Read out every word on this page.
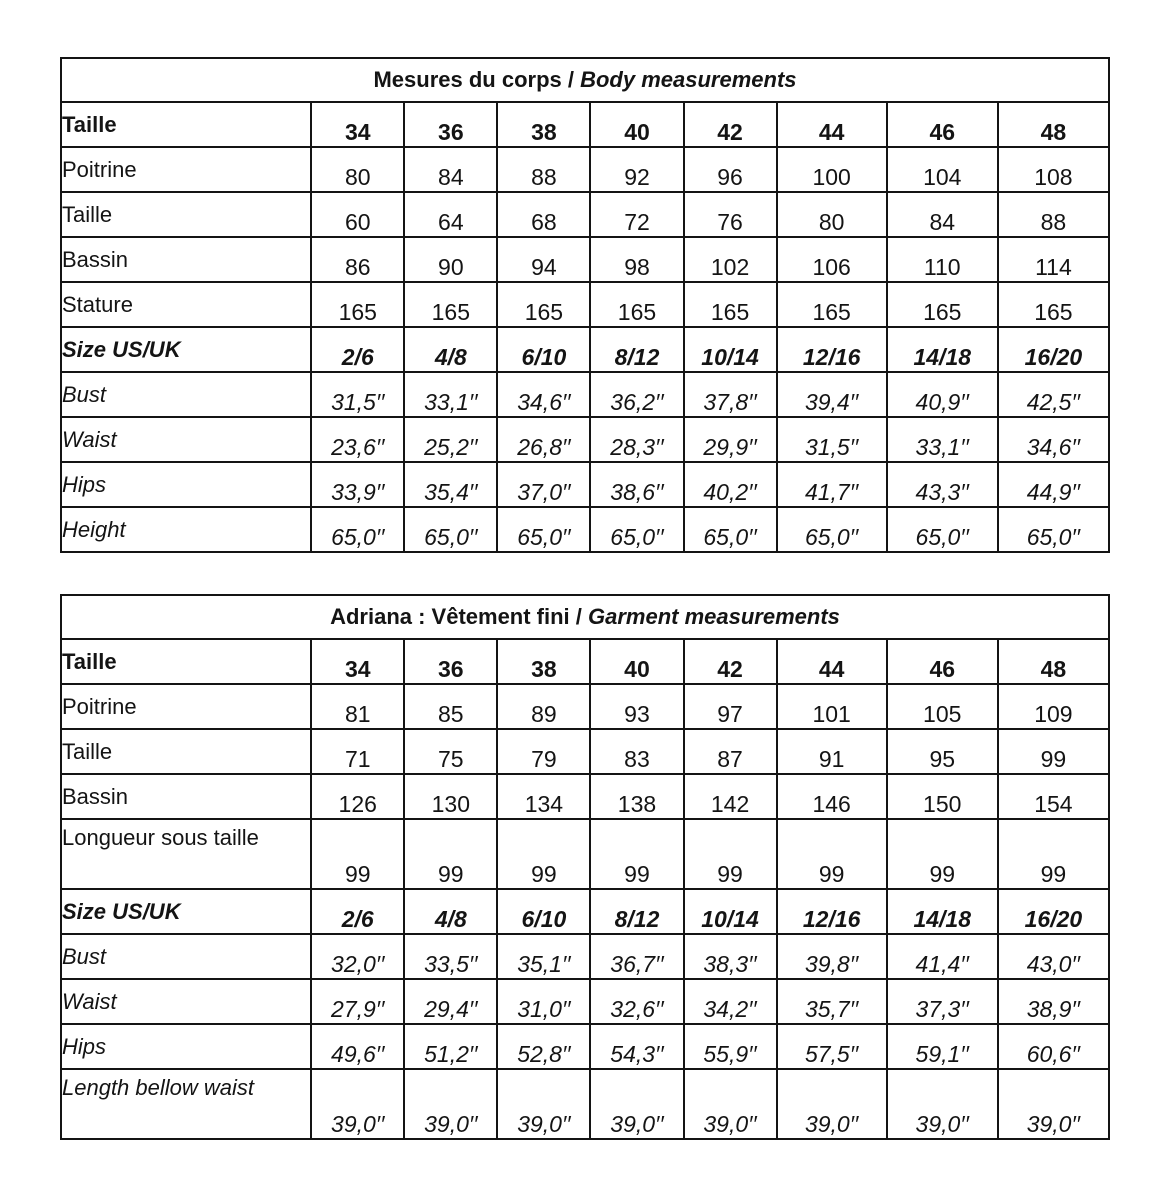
Mesures du corps / Body measurements								
Taille	34	36	38	40	42	44	46	48
Poitrine	80	84	88	92	96	100	104	108
Taille	60	64	68	72	76	80	84	88
Bassin	86	90	94	98	102	106	110	114
Stature	165	165	165	165	165	165	165	165
Size US/UK	2/6	4/8	6/10	8/12	10/14	12/16	14/18	16/20
Bust	31,5′′	33,1′′	34,6′′	36,2′′	37,8′′	39,4′′	40,9′′	42,5′′
Waist	23,6′′	25,2′′	26,8′′	28,3′′	29,9′′	31,5′′	33,1′′	34,6′′
Hips	33,9′′	35,4′′	37,0′′	38,6′′	40,2′′	41,7′′	43,3′′	44,9′′
Height	65,0′′	65,0′′	65,0′′	65,0′′	65,0′′	65,0′′	65,0′′	65,0′′
Adriana : Vêtement fini / Garment measurements								
Taille	34	36	38	40	42	44	46	48
Poitrine	81	85	89	93	97	101	105	109
Taille	71	75	79	83	87	91	95	99
Bassin	126	130	134	138	142	146	150	154
Longueur sous taille	99	99	99	99	99	99	99	99
Size US/UK	2/6	4/8	6/10	8/12	10/14	12/16	14/18	16/20
Bust	32,0′′	33,5′′	35,1′′	36,7′′	38,3′′	39,8′′	41,4′′	43,0′′
Waist	27,9′′	29,4′′	31,0′′	32,6′′	34,2′′	35,7′′	37,3′′	38,9′′
Hips	49,6′′	51,2′′	52,8′′	54,3′′	55,9′′	57,5′′	59,1′′	60,6′′
Length bellow waist	39,0′′	39,0′′	39,0′′	39,0′′	39,0′′	39,0′′	39,0′′	39,0′′
